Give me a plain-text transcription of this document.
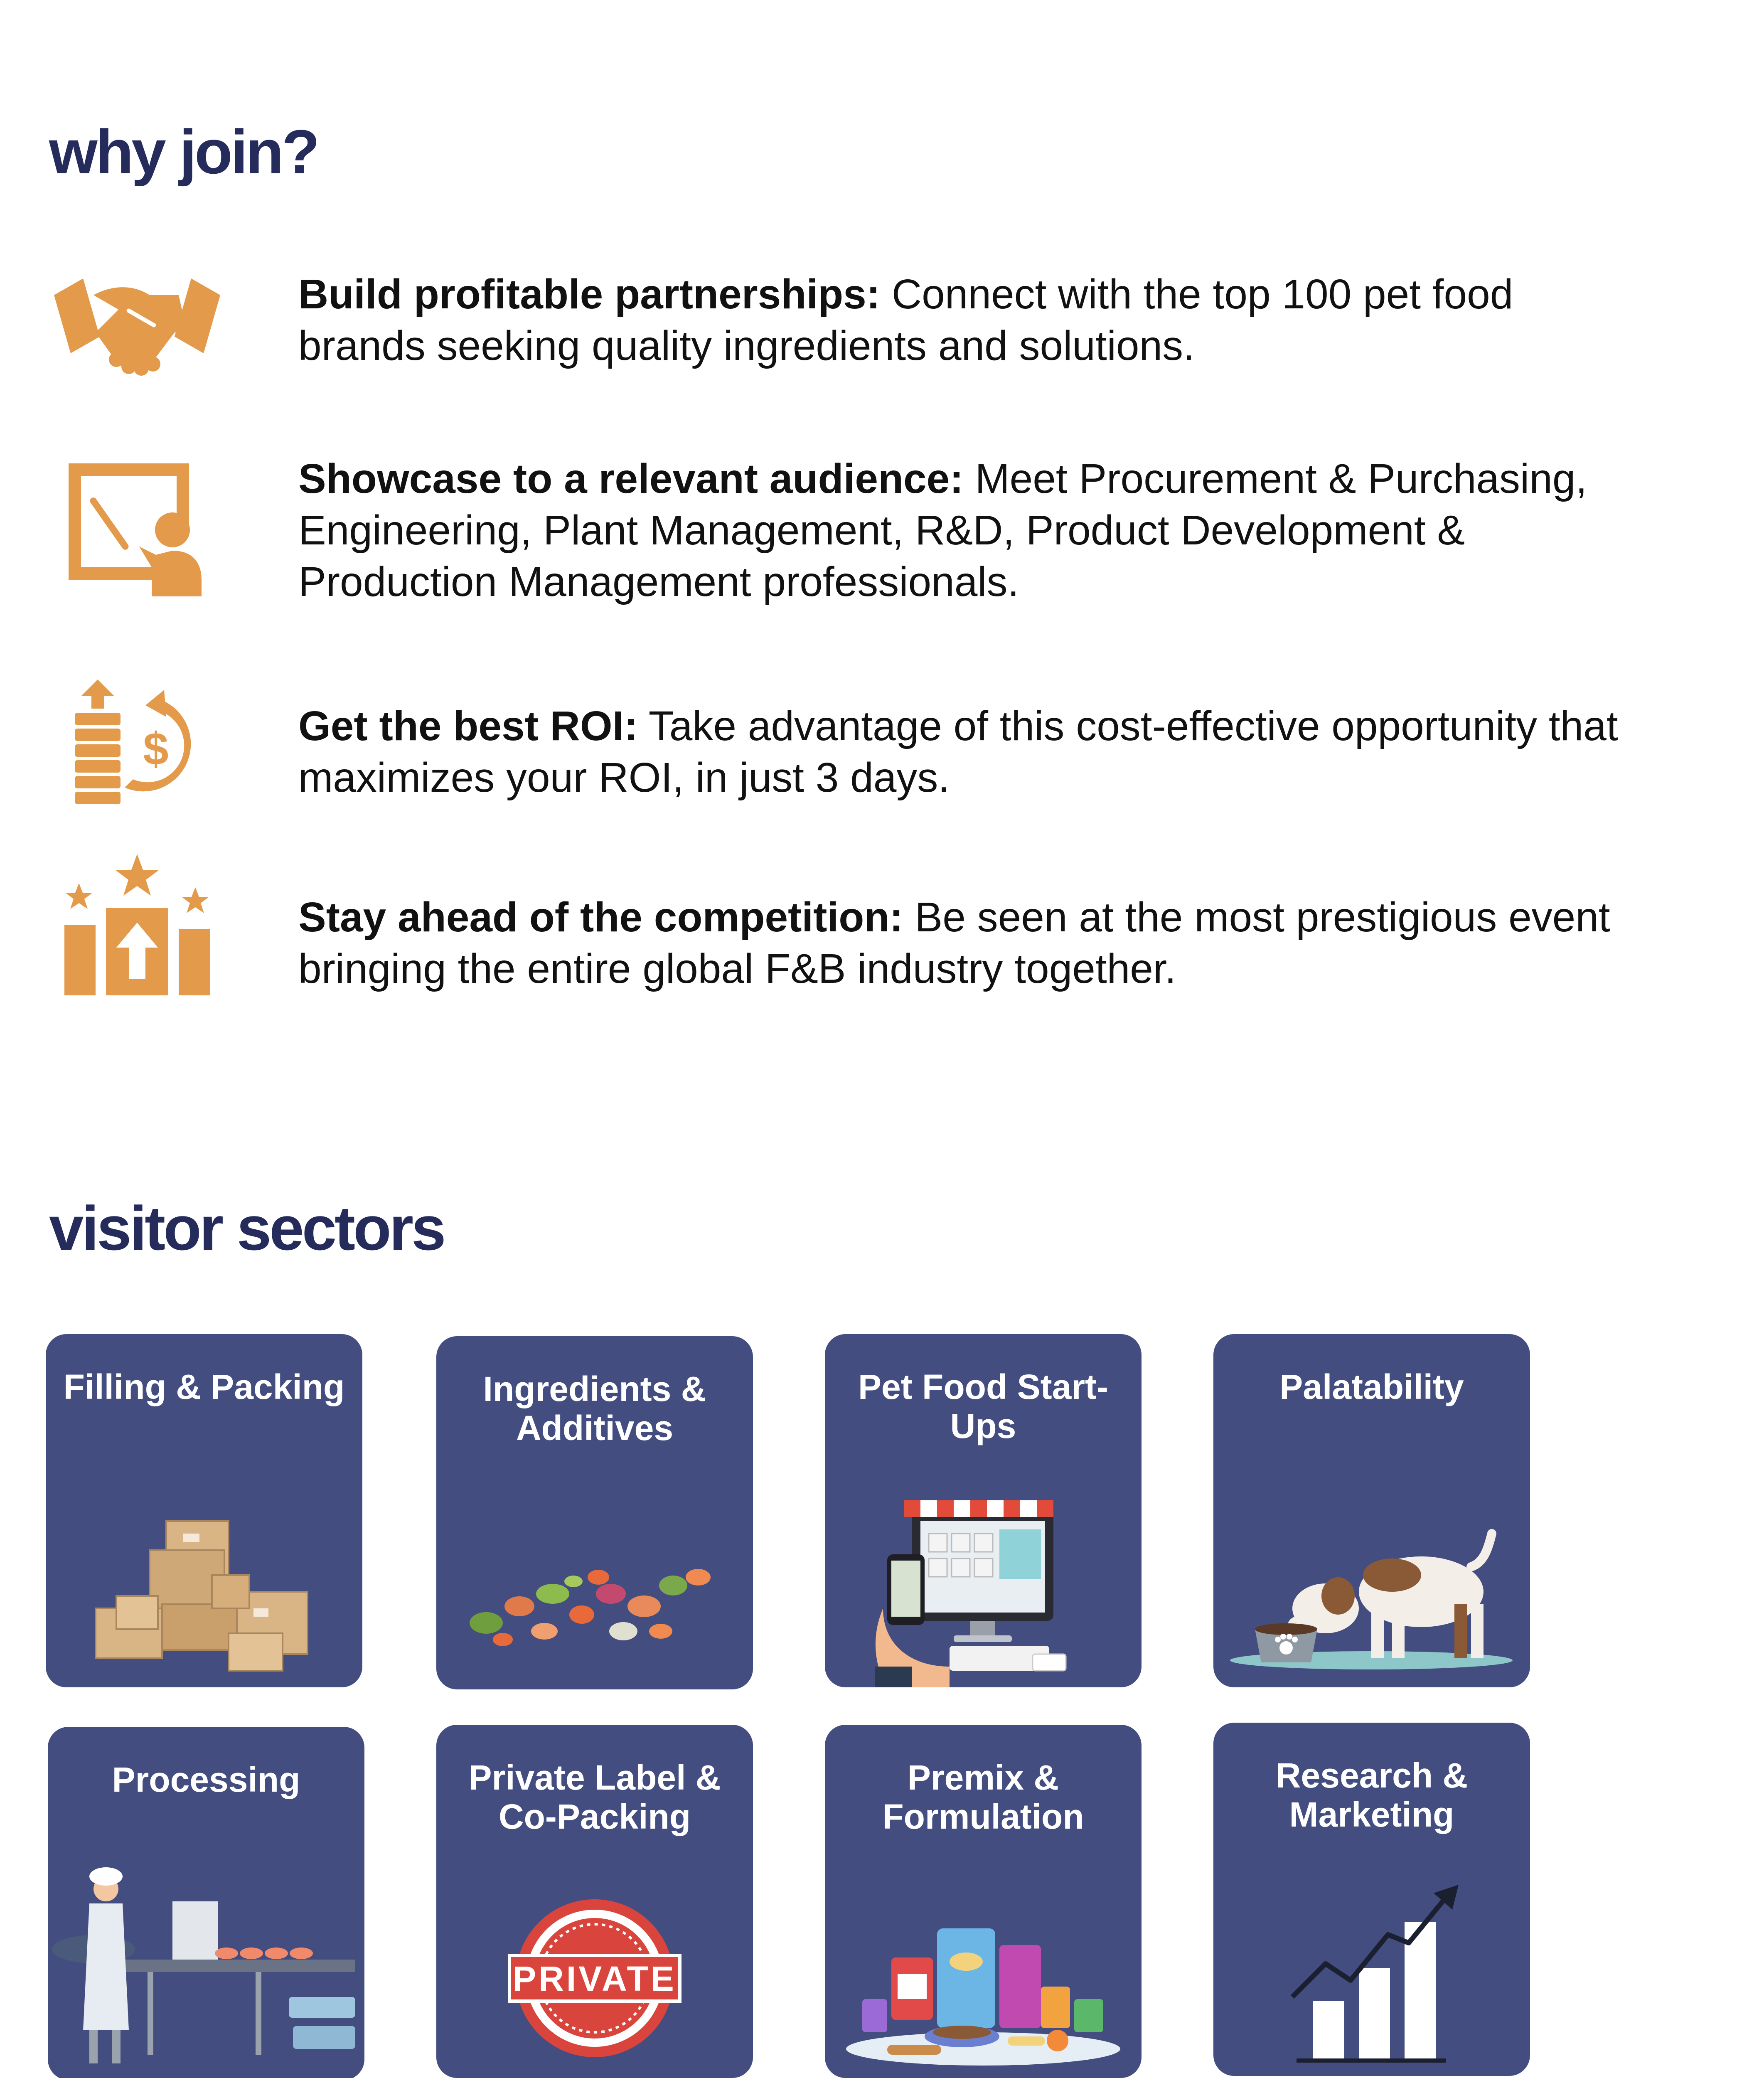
why join?

Build profitable partnerships: Connect with the top 100 pet food brands seeking quality ingredients and solutions.

Showcase to a relevant audience: Meet Procurement & Purchasing, Engineering, Plant Management, R&D, Product Development & Production Management professionals.

$	Get the best ROI: Take advantage of this cost-effective opportunity that maximizes your ROI, in just 3 days.

Stay ahead of the competition: Be seen at the most prestigious event bringing the entire global F&B industry together.

visitor sectors

Filling & Packing	Ingredients & Additives

Pet Food Start-Ups

Palatability

Processing	Private Label & Co-Packing

PRIVATE

Premix & Formulation

Research & Marketing
